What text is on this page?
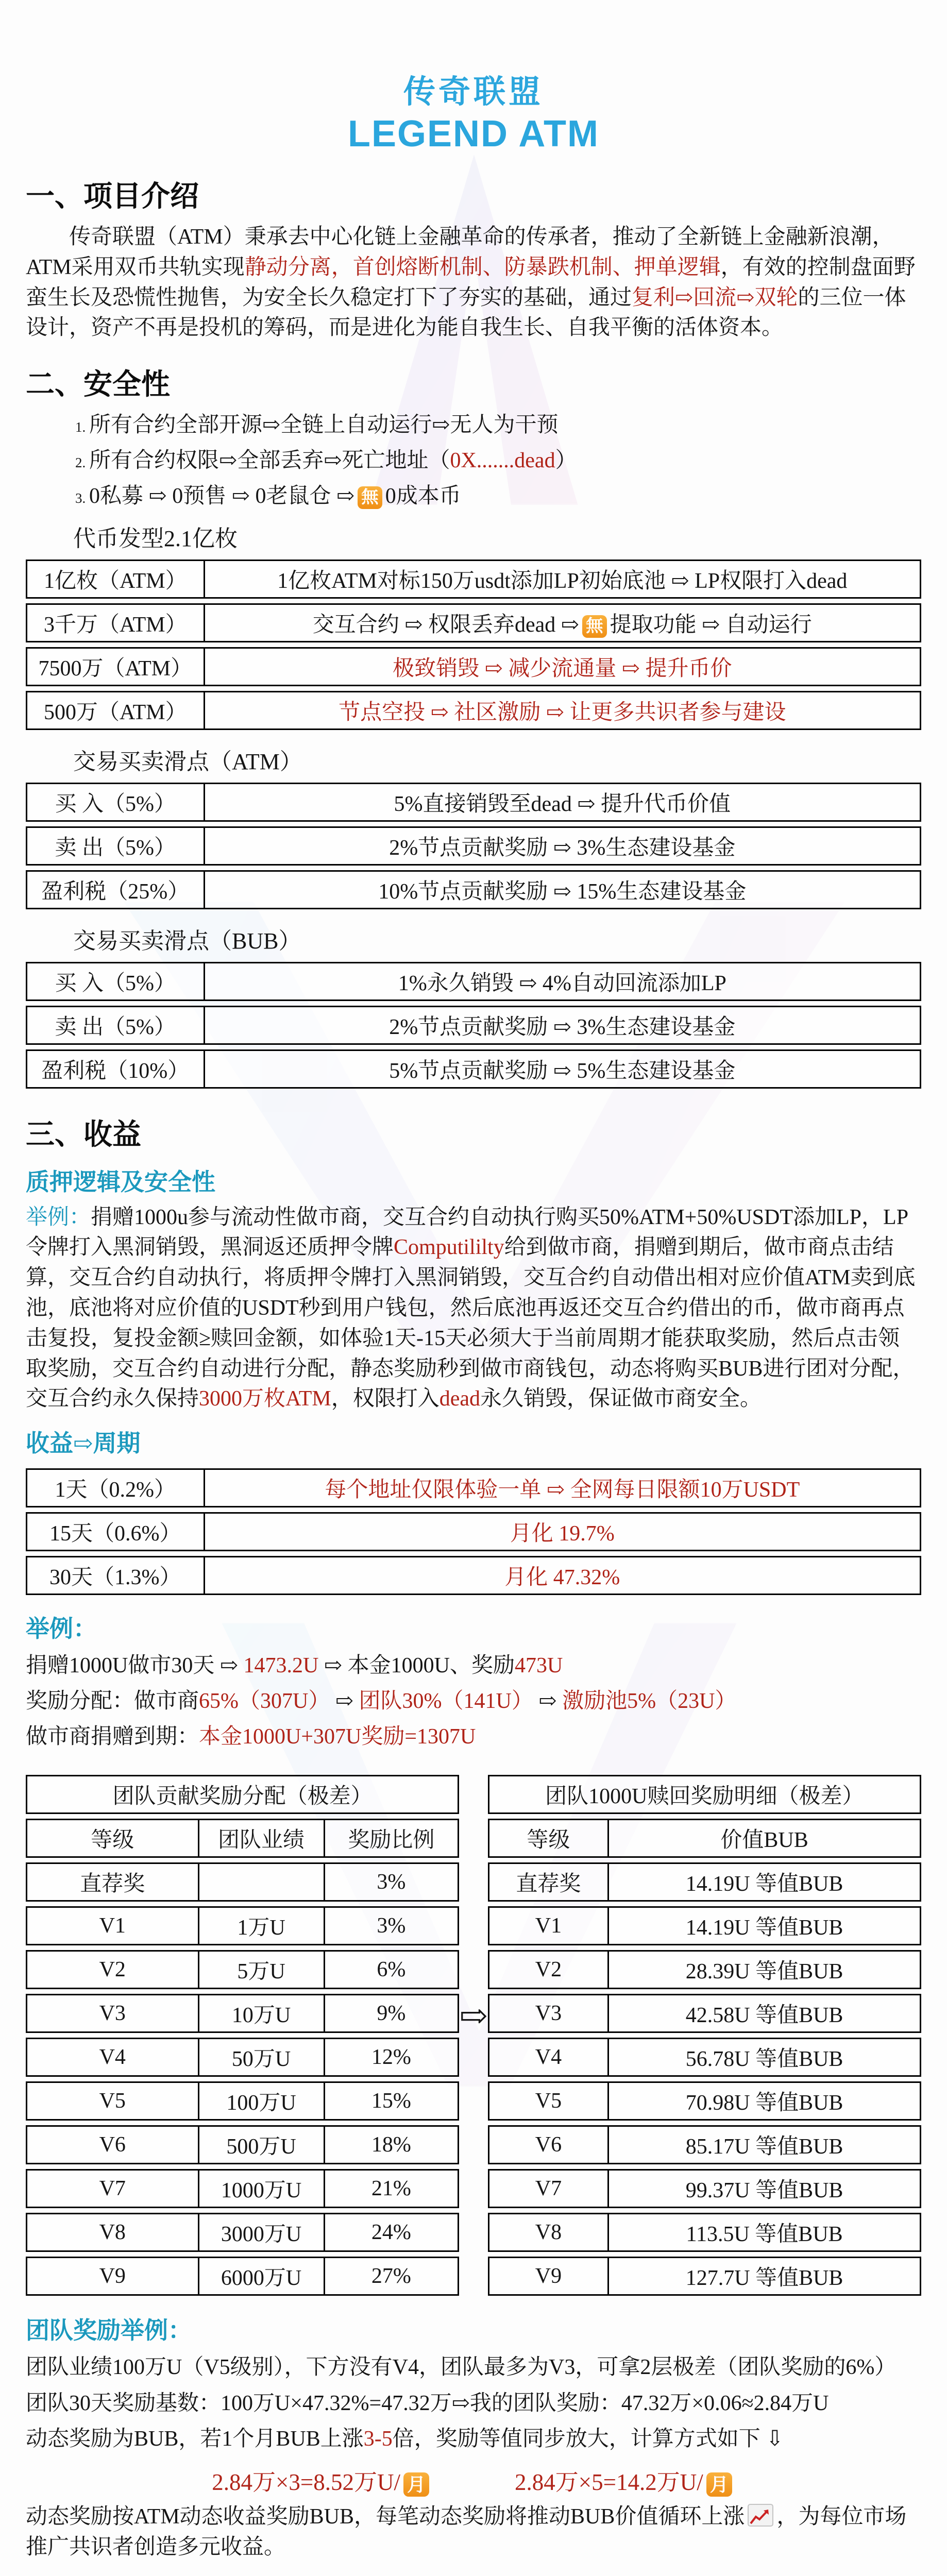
传奇联盟
LEGEND ATM
一、项目介绍

传奇联盟（ATM）秉承去中心化链上金融革命的传承者，推动了全新链上金融新浪潮，ATM采用双币共轨实现静动分离，首创熔断机制、防暴跌机制、押单逻辑，有效的控制盘面野蛮生长及恐慌性抛售，为安全长久稳定打下了夯实的基础，通过复利⇨回流⇨双轮的三位一体设计，资产不再是投机的筹码，而是进化为能自我生长、自我平衡的活体资本。

二、安全性
1. 所有合约全部开源⇨全链上自动运行⇨无人为干预
2. 所有合约权限⇨全部丢弃⇨死亡地址（0X.......dead）
3. 0私募 ⇨ 0预售 ⇨ 0老鼠仓 ⇨ 無 0成本币
代币发型2.1亿枚
1亿枚（ATM）	1亿枚ATM对标150万usdt添加LP初始底池 ⇨ LP权限打入dead
3千万（ATM）	交互合约 ⇨ 权限丢弃dead ⇨ 無 提取功能 ⇨ 自动运行
7500万（ATM）	极致销毁 ⇨ 减少流通量 ⇨ 提升币价
500万（ATM）	节点空投 ⇨ 社区激励 ⇨ 让更多共识者参与建设
交易买卖滑点（ATM）
买 入（5%）	5%直接销毁至dead ⇨ 提升代币价值
卖 出（5%）	2%节点贡献奖励 ⇨ 3%生态建设基金
盈利税（25%）	10%节点贡献奖励 ⇨ 15%生态建设基金
交易买卖滑点（BUB）
买 入（5%）	1%永久销毁 ⇨ 4%自动回流添加LP
卖 出（5%）	2%节点贡献奖励 ⇨ 3%生态建设基金
盈利税（10%）	5%节点贡献奖励 ⇨ 5%生态建设基金
三、收益
质押逻辑及安全性

举例：捐赠1000u参与流动性做市商，交互合约自动执行购买50%ATM+50%USDT添加LP，LP令牌打入黑洞销毁，黑洞返还质押令牌Computililty给到做市商，捐赠到期后，做市商点击结算，交互合约自动执行，将质押令牌打入黑洞销毁，交互合约自动借出相对应价值ATM卖到底池，底池将对应价值的USDT秒到用户钱包，然后底池再返还交互合约借出的币，做市商再点击复投，复投金额≥赎回金额，如体验1天-15天必须大于当前周期才能获取奖励，然后点击领取奖励，交互合约自动进行分配，静态奖励秒到做市商钱包，动态将购买BUB进行团对分配，交互合约永久保持3000万枚ATM，权限打入dead永久销毁，保证做市商安全。

收益⇨周期
1天（0.2%）	每个地址仅限体验一单 ⇨ 全网每日限额10万USDT
15天（0.6%）	月化 19.7%
30天（1.3%）	月化 47.32%
举例：
捐赠1000U做市30天 ⇨ 1473.2U ⇨ 本金1000U、奖励473U
奖励分配：做市商65%（307U） ⇨ 团队30%（141U） ⇨ 激励池5%（23U）
做市商捐赠到期：本金1000U+307U奖励=1307U
团队贡献奖励分配（极差）		
等级	团队业绩	奖励比例
直荐奖		3%
V1	1万U	3%
V2	5万U	6%
V3	10万U	9%
V4	50万U	12%
V5	100万U	15%
V6	500万U	18%
V7	1000万U	21%
V8	3000万U	24%
V9	6000万U	27%
⇨
团队1000U赎回奖励明细（极差）	
等级	价值BUB
直荐奖	14.19U 等值BUB
V1	14.19U 等值BUB
V2	28.39U 等值BUB
V3	42.58U 等值BUB
V4	56.78U 等值BUB
V5	70.98U 等值BUB
V6	85.17U 等值BUB
V7	99.37U 等值BUB
V8	113.5U 等值BUB
V9	127.7U 等值BUB
团队奖励举例：
团队业绩100万U（V5级别），下方没有V4，团队最多为V3，可拿2层极差（团队奖励的6%）
团队30天奖励基数：100万U×47.32%=47.32万⇨我的团队奖励：47.32万×0.06≈2.84万U
动态奖励为BUB，若1个月BUB上涨3-5倍，奖励等值同步放大，计算方式如下 ⇩
2.84万×3=8.52万U/ 月	2.84万×5=14.2万U/ 月

动态奖励按ATM动态收益奖励BUB，每笔动态奖励将推动BUB价值循环上涨 ，为每位市场推广共识者创造多元收益。
